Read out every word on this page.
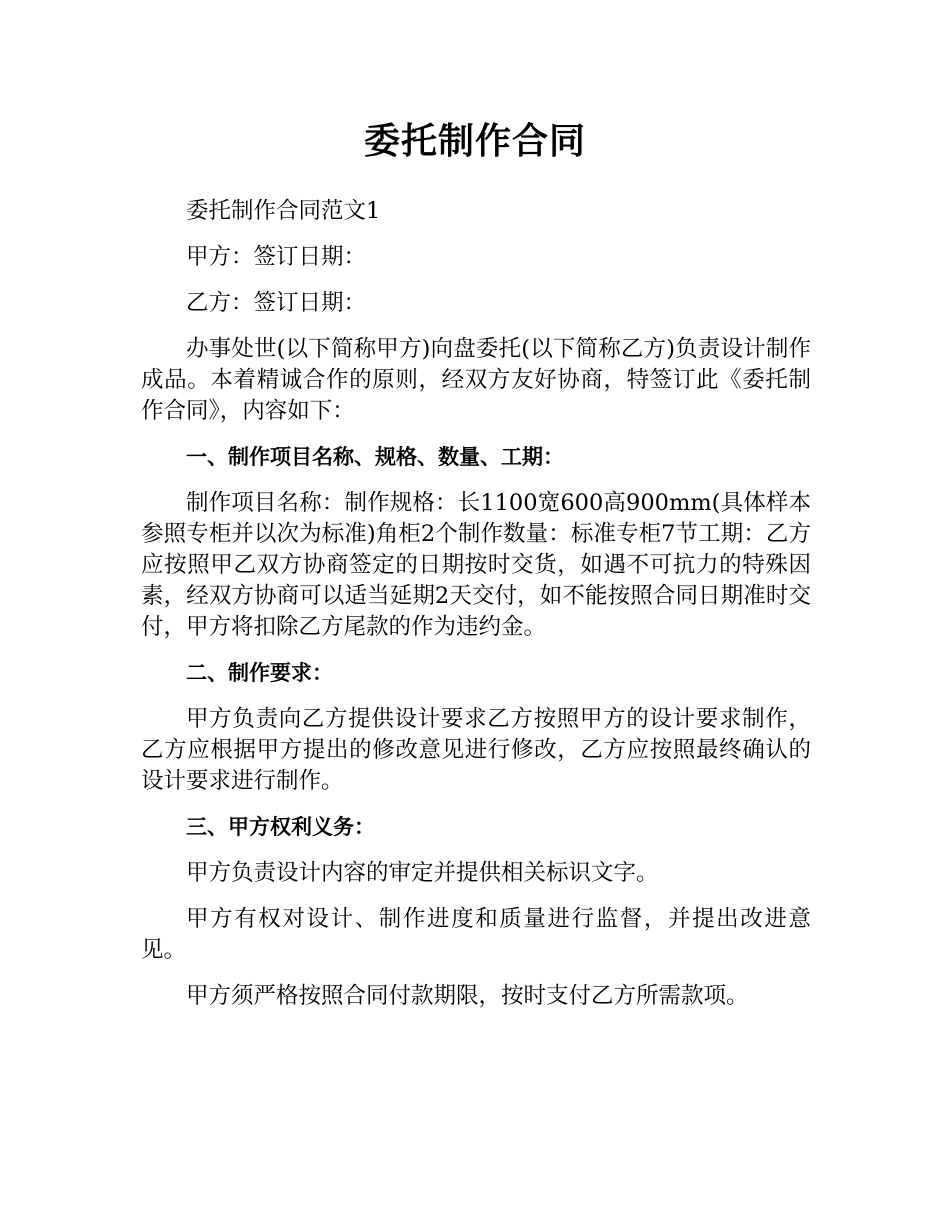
委托制作合同

委托制作合同范文1

甲方：签订日期：

乙方：签订日期：

办事处世(以下简称甲方)向盘委托(以下简称乙方)负责设计制作成品。本着精诚合作的原则，经双方友好协商，特签订此《委托制作合同》，内容如下：

一、制作项目名称、规格、数量、工期：

制作项目名称：制作规格：长1100宽600高900mm(具体样本参照专柜并以次为标准)角柜2个制作数量：标准专柜7节工期：乙方应按照甲乙双方协商签定的日期按时交货，如遇不可抗力的特殊因素，经双方协商可以适当延期2天交付，如不能按照合同日期准时交付，甲方将扣除乙方尾款的作为违约金。

二、制作要求：

甲方负责向乙方提供设计要求乙方按照甲方的设计要求制作，乙方应根据甲方提出的修改意见进行修改，乙方应按照最终确认的设计要求进行制作。

三、甲方权利义务：

甲方负责设计内容的审定并提供相关标识文字。

甲方有权对设计、制作进度和质量进行监督，并提出改进意见。

甲方须严格按照合同付款期限，按时支付乙方所需款项。
